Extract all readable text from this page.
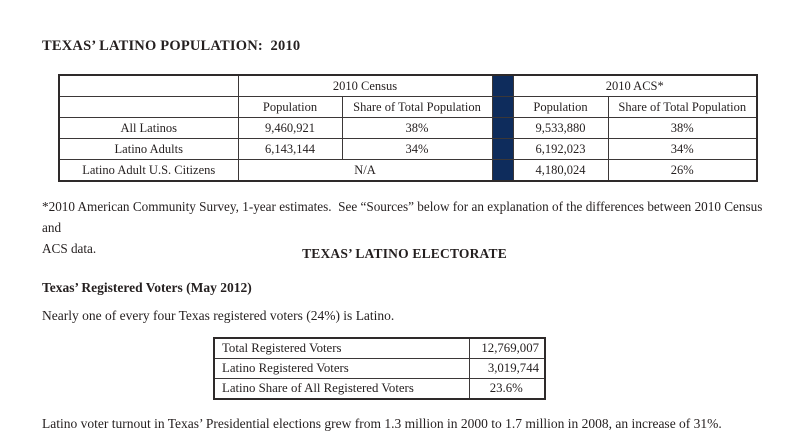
TEXAS’ LATINO POPULATION:  2010
	2010 Census			2010 ACS*	
	Population	Share of Total Population		Population	Share of Total Population
All Latinos	9,460,921	38%		9,533,880	38%
Latino Adults	6,143,144	34%		6,192,023	34%
Latino Adult U.S. Citizens	N/A			4,180,024	26%
*2010 American Community Survey, 1-year estimates.  See “Sources” below for an explanation of the differences between 2010 Census and
ACS data.	TEXAS’ LATINO ELECTORATE
Texas’ Registered Voters (May 2012)
Nearly one of every four Texas registered voters (24%) is Latino.
Total Registered Voters	12,769,007
Latino Registered Voters	3,019,744
Latino Share of All Registered Voters	23.6%
Latino voter turnout in Texas’ Presidential elections grew from 1.3 million in 2000 to 1.7 million in 2008, an increase of 31%.
